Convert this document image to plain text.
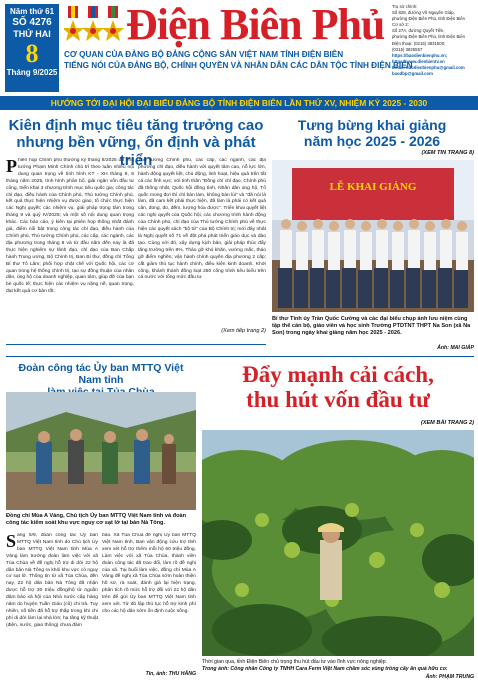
Năm thứ 61
SỐ 4276
THỨ HAI
8
Tháng 9/2025
Điện Biên Phủ
CƠ QUAN CỦA ĐẢNG BỘ ĐẢNG CỘNG SẢN VIỆT NAM TỈNH ĐIỆN BIÊN
TIẾNG NÓI CỦA ĐẢNG BỘ, CHÍNH QUYỀN VÀ NHÂN DÂN CÁC DÂN TỘC TỈNH ĐIỆN BIÊN
Trụ sở chính:
Số 828, đường Võ Nguyên Giáp,
phường Điện Biên Phủ, tỉnh Điện Biên
Cơ sở 2:
Số 27A, đường Quyết Tiến,
phường Điện Biên Phủ, tỉnh Điện Biên
Điện thoại: (0215) 3831500;
(0215) 3825557
https://baodienbienphu.vn;
https://www.dienbientv.vn
Email: baodienbienphu@gmail.com
baodbp@gmail.com
HƯỚNG TỚI ĐẠI HỘI ĐẠI BIỂU ĐẢNG BỘ TỈNH ĐIỆN BIÊN LẦN THỨ XV, NHIỆM KỲ 2025 - 2030
Kiên định mục tiêu tăng trưởng cao
nhưng bền vững, ổn định và phát triển
Phiên họp Chính phủ thường kỳ tháng 8/2025 do Thủ tướng Phạm Minh Chính chủ trì theo luân nhiều nội dung quan trọng về tình hình KT - XH tháng 8, 8 tháng năm 2025, tình hình phân bổ, giải ngân vốn đầu tư công, triển khai 3 chương trình mục tiêu quốc gia; công tác chỉ đạo, điều hành của Chính phủ, Thủ tướng Chính phủ, kết quả thực hiện nhiệm vụ được giao, tổ chức thực hiện các Nghị quyết; các nhiệm vụ, giải pháp trọng tâm trong tháng 9 và quý IV/2025; và một số nội dung quan trọng khác. Các báo cáo, ý kiến tại phiên họp thống nhất đánh giá, điểm nổi bật trong công tác chỉ đạo, điều hành của Chính phủ, Thủ tướng Chính phủ, các cấp, các ngành, các địa phương trong tháng 8 và từ đầu năm đến nay là đã thực hiện nghiêm sự lãnh đạo, chỉ đạo của Ban Chấp hành Trung ương, Bộ Chính trị, Ban Bí thư, đồng chí Tổng Bí thư Tô Lâm; phối hợp chặt chẽ với Quốc hội, các cơ quan trong hệ thống chính trị, tạo sự đồng thuận của nhân dân, ủng hộ của doanh nghiệp, quan tâm, giúp đỡ của bạn bè quốc tế; thực hiện các nhiệm vụ nặng nề, quan trọng, đạt kết quả cơ bản tốt.
Thủ tướng Chính phủ, các cấp, các ngành, các địa phương chỉ đạo, điều hành với quyết tâm cao, nỗ lực lớn, hành động quyết liệt, chủ động, linh hoạt, hiệu quả trên tất cả các lĩnh vực; với tinh thần "Đồng chí chỉ đạo, Chính phủ đã thống nhất, Quốc hội đồng tình, Nhân dân ủng hộ, Tổ quốc mong đợi thì chỉ bàn làm, không bàn lùi" và "đã nói là làm, đã cam kết phải thực hiện, đã làm là phải có kết quả cân, đong, đo, đếm, lượng hóa được". Triển khai quyết liệt các nghị quyết của Quốc hội, các chương trình hành động của Chính phủ, chỉ đạo của Thủ tướng Chính phủ về thực hiện các quyết sách "bộ tứ" của Bộ Chính trị; mới đây nhất là Nghị quyết số 71 về đột phá phát triển giáo dục và đào tạo. Cùng với đó, xây dựng kịch bản, giải pháp thúc đẩy tăng trưởng trên 8%. Thảo gỡ khó khăn, vướng mắc, tháo gỡ điểm nghẽn; vận hành chính quyền địa phương 2 cấp; cắt giảm thủ tục hành chính, điều kiện kinh doanh. Khởi công, khánh thành đồng loạt 250 công trình tiêu biểu trên cả nước với tổng mức đầu tư
(Xem tiếp trang 2)
Tưng bừng khai giảng
năm học 2025 - 2026
(XEM TIN TRANG 8)
LỄ KHAI GIẢNG
Bí thư Tỉnh ủy Trần Quốc Cường và các đại biểu chụp ảnh lưu niệm cùng tập thể cán bộ, giáo viên và học sinh Trường PTDTNT THPT Na Son (xã Na Son) trong ngày khai giảng năm học 2025 - 2026.
Ảnh: MAI GIÁP
Đoàn công tác Ủy ban MTTQ Việt Nam tỉnh
Đồng chí Mùa A Vảng, Chủ tịch Ủy ban MTTQ Việt Nam tỉnh và đoàn công tác kiểm soát khu vực nguy cơ sạt lở tại bản Nà Tông.
Sáng 5/9, đoàn công tác Ủy ban MTTQ Việt Nam tỉnh do Chủ tịch Ủy ban MTTQ Việt Nam tỉnh Mùa A Vảng làm trưởng đoàn làm việc với xã Tủa Chùa về đề nghị hỗ trợ di dời 22 hộ dân bản Nà Tông ra khỏi khu vực có nguy cơ sạt lở. Thông tin từ xã Tủa Chùa, đến nay, 22 hộ dân bản Nà Tông đã nhận được hỗ trợ 30 triệu đồng/hộ từ nguồn đảm bảo xã hội của Nhà nước cấp hàng năm do huyện Tuần Giáo (cũ) chi trả. Tuy nhiên, số tiền đã hỗ trợ thấp trong khi chi phí di dời làm lại nhà lớn; hạ tầng kỹ thuật (điện, nước, giao thông) chưa đảm
bảo. Xã Tủa Chùa đề nghị Ủy ban MTTQ Việt Nam tỉnh, Ban vận động cứu trợ tỉnh xem xét hỗ trợ thêm mỗi hộ 60 triệu đồng. Làm việc với xã Tủa Chùa, thành viên đoàn công tác đã trao đổi, làm rõ đề nghị của xã. Tại buổi làm việc, đồng chí Mùa A Vảng đề nghị xã Tủa Chùa sớm hoàn thiện hồ sơ, rà soát, đánh giá lại hiện trạng, phân tích rõ mức hỗ trợ đối với 22 hộ dân trên để gửi Ủy ban MTTQ Việt Nam tỉnh xem xét. Từ đó lập thủ tục hỗ trợ kinh phí cho các hộ dân sớm ổn định cuộc sống.
Tin, ảnh: THU HẰNG
Đẩy mạnh cải cách,
thu hút vốn đầu tư
(XEM BÀI TRANG 2)
Thời gian qua, tỉnh Điện Biên chủ trọng thu hút đầu tư vào lĩnh vực nông nghiệp.
Trong ảnh: Công nhân Công ty TNHH Cara Ferm Việt Nam chăm sóc vùng trồng cây ăn quả hữu cơ.
Ảnh: PHẠM TRUNG
